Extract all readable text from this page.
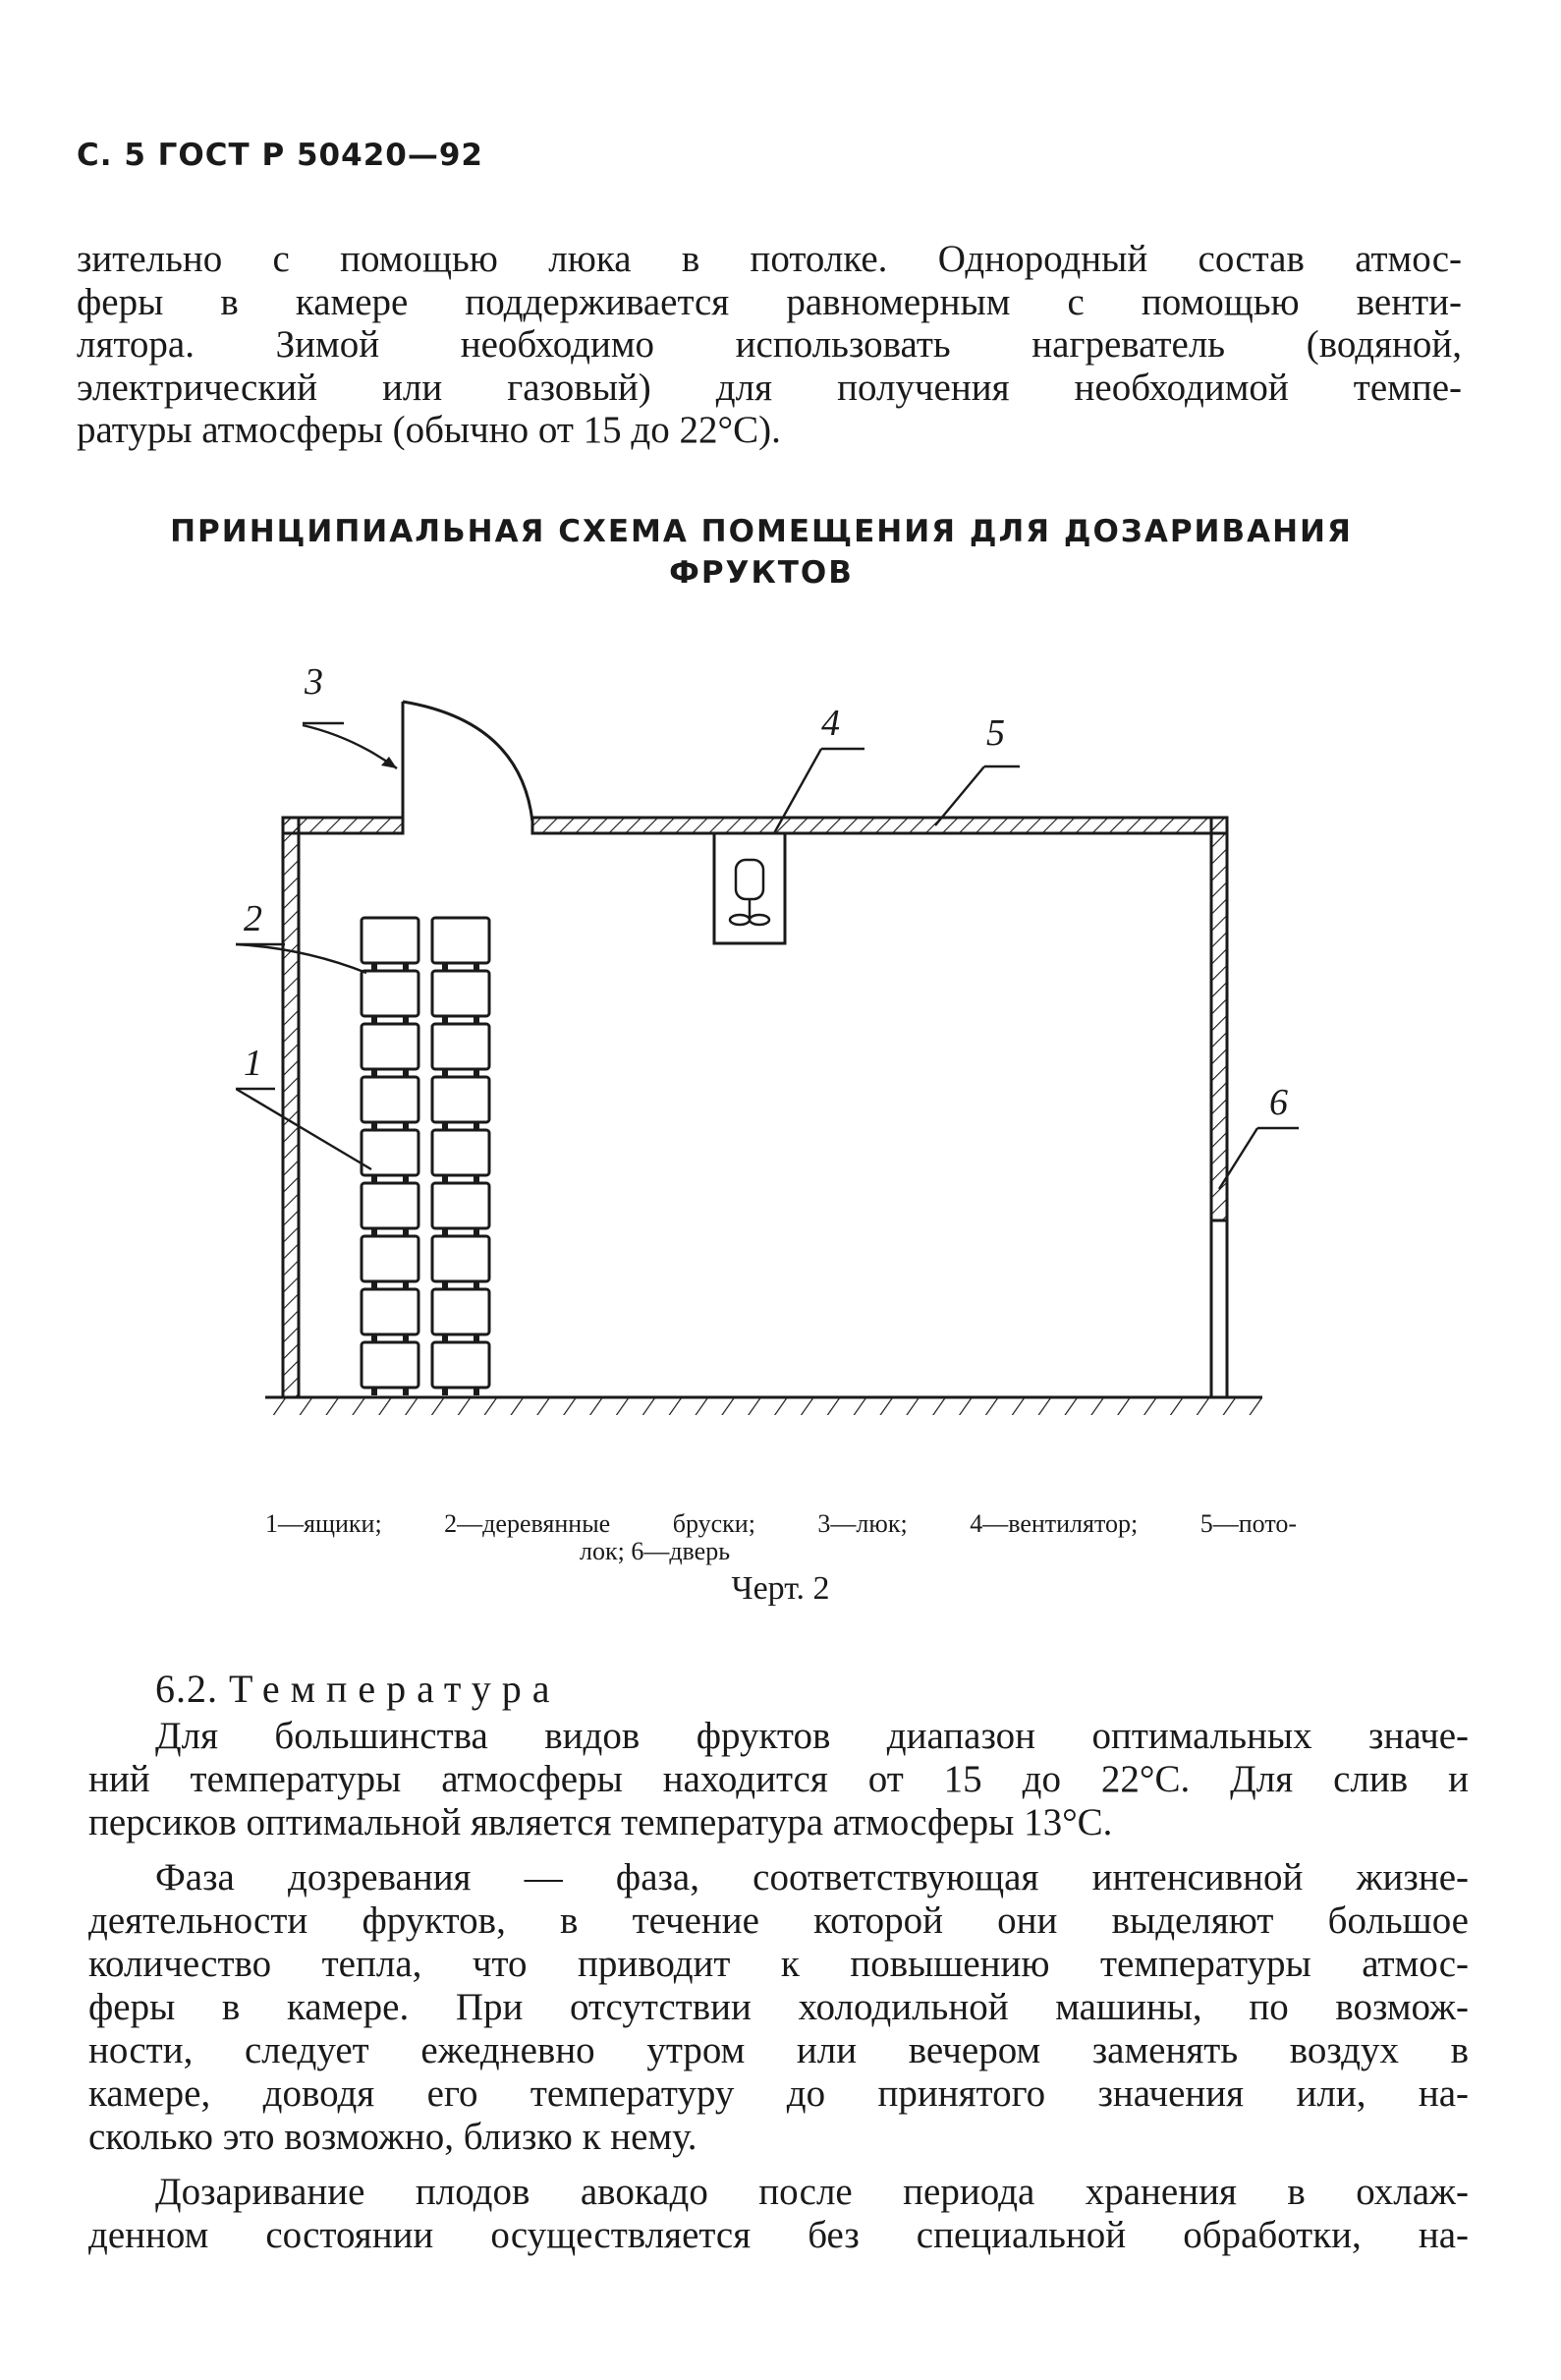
С. 5 ГОСТ Р 50420—92
зительно с помощью люка в потолке. Однородный состав атмос-
феры в камере поддерживается равномерным с помощью венти-
лятора. Зимой необходимо использовать нагреватель (водяной,
электрический или газовый) для получения необходимой темпе-
ратуры атмосферы (обычно от 15 до 22°С).
ПРИНЦИПИАЛЬНАЯ СХЕМА ПОМЕЩЕНИЯ ДЛЯ ДОЗАРИВАНИЯ
ФРУКТОВ
3
4	5
2
1
6
1—ящики; 2—деревянные бруски; 3—люк; 4—вентилятор; 5—пото-
лок; 6—дверь
Черт. 2
6.2. Температура
Для большинства видов фруктов диапазон оптимальных значе-
ний температуры атмосферы находится от 15 до 22°С. Для слив и
персиков оптимальной является температура атмосферы 13°С.
Фаза дозревания — фаза, соответствующая интенсивной жизне-
деятельности фруктов, в течение которой они выделяют большое
количество тепла, что приводит к повышению температуры атмос-
феры в камере. При отсутствии холодильной машины, по возмож-
ности, следует ежедневно утром или вечером заменять воздух в
камере, доводя его температуру до принятого значения или, на-
сколько это возможно, близко к нему.
Дозаривание плодов авокадо после периода хранения в охлаж-
денном состоянии осуществляется без специальной обработки, на-
